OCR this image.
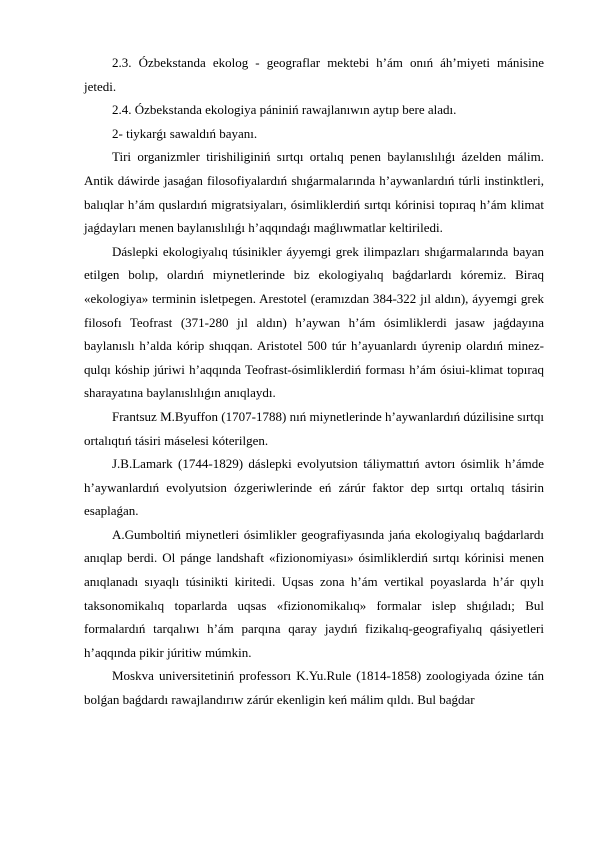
2.3. Ózbekstanda ekolog - geograflar mektebi h’ám onıń áh’miyeti mánisine jetedi.

2.4. Ózbekstanda ekologiya pániniń rawajlanıwın aytıp bere aladı.

2- tiykarǵı sawaldıń bayanı.

Tiri organizmler tirishiliginiń sırtqı ortalıq penen baylanıslılıǵı ázelden málim. Antik dáwirde jasaǵan filosofiyalardıń shıǵarmalarında h’aywanlardıń túrli instinktleri, balıqlar h’ám quslardıń migratsiyaları, ósimliklerdiń sırtqı kórinisi topıraq h’ám klimat jaǵdayları menen baylanıslılıǵı h’aqqındaǵı maǵlıwmatlar keltiriledi.

Dáslepki ekologiyalıq túsinikler áyyemgi grek ilimpazları shıǵarmalarında bayan etilgen bolıp, olardıń miynetlerinde biz ekologiyalıq baǵdarlardı kóremiz. Biraq «ekologiya» terminin isletpegen. Arestotel (eramızdan 384-322 jıl aldın), áyyemgi grek filosofı Teofrast (371-280 jıl aldın) h’aywan h’ám ósimliklerdi jasaw jaǵdayına baylanıslı h’alda kórip shıqqan. Aristotel 500 túr h’ayuanlardı úyrenip olardıń minez-qulqı kóship júriwi h’aqqında Teofrast-ósimliklerdiń forması h’ám ósiui-klimat topıraq sharayatına baylanıslılıǵın anıqlaydı.

Frantsuz M.Byuffon (1707-1788) nıń miynetlerinde h’aywanlardıń dúzilisine sırtqı ortalıqtıń tásiri máselesi kóterilgen.

J.B.Lamark (1744-1829) dáslepki evolyutsion táliymattıń avtorı ósimlik h’ámde h’aywanlardıń evolyutsion ózgeriwlerinde eń zárúr faktor dep sırtqı ortalıq tásirin esaplaǵan.

A.Gumboltiń miynetleri ósimlikler geografiyasında jańa ekologiyalıq baǵdarlardı anıqlap berdi. Ol pánge landshaft «fizionomiyası» ósimliklerdiń sırtqı kórinisi menen anıqlanadı sıyaqlı túsinikti kiritedi. Uqsas zona h’ám vertikal poyaslarda h’ár qıylı taksonomikalıq toparlarda uqsas «fizionomikalıq» formalar islep shıǵıladı; Bul formalardıń tarqalıwı h’ám parqına qaray jaydıń fizikalıq-geografiyalıq qásiyetleri h’aqqında pikir júritiw múmkin.

Moskva universitetiniń professorı K.Yu.Rule (1814-1858) zoologiyada ózine tán bolǵan baǵdardı rawajlandırıw zárúr ekenligin keń málim qıldı. Bul baǵdar
